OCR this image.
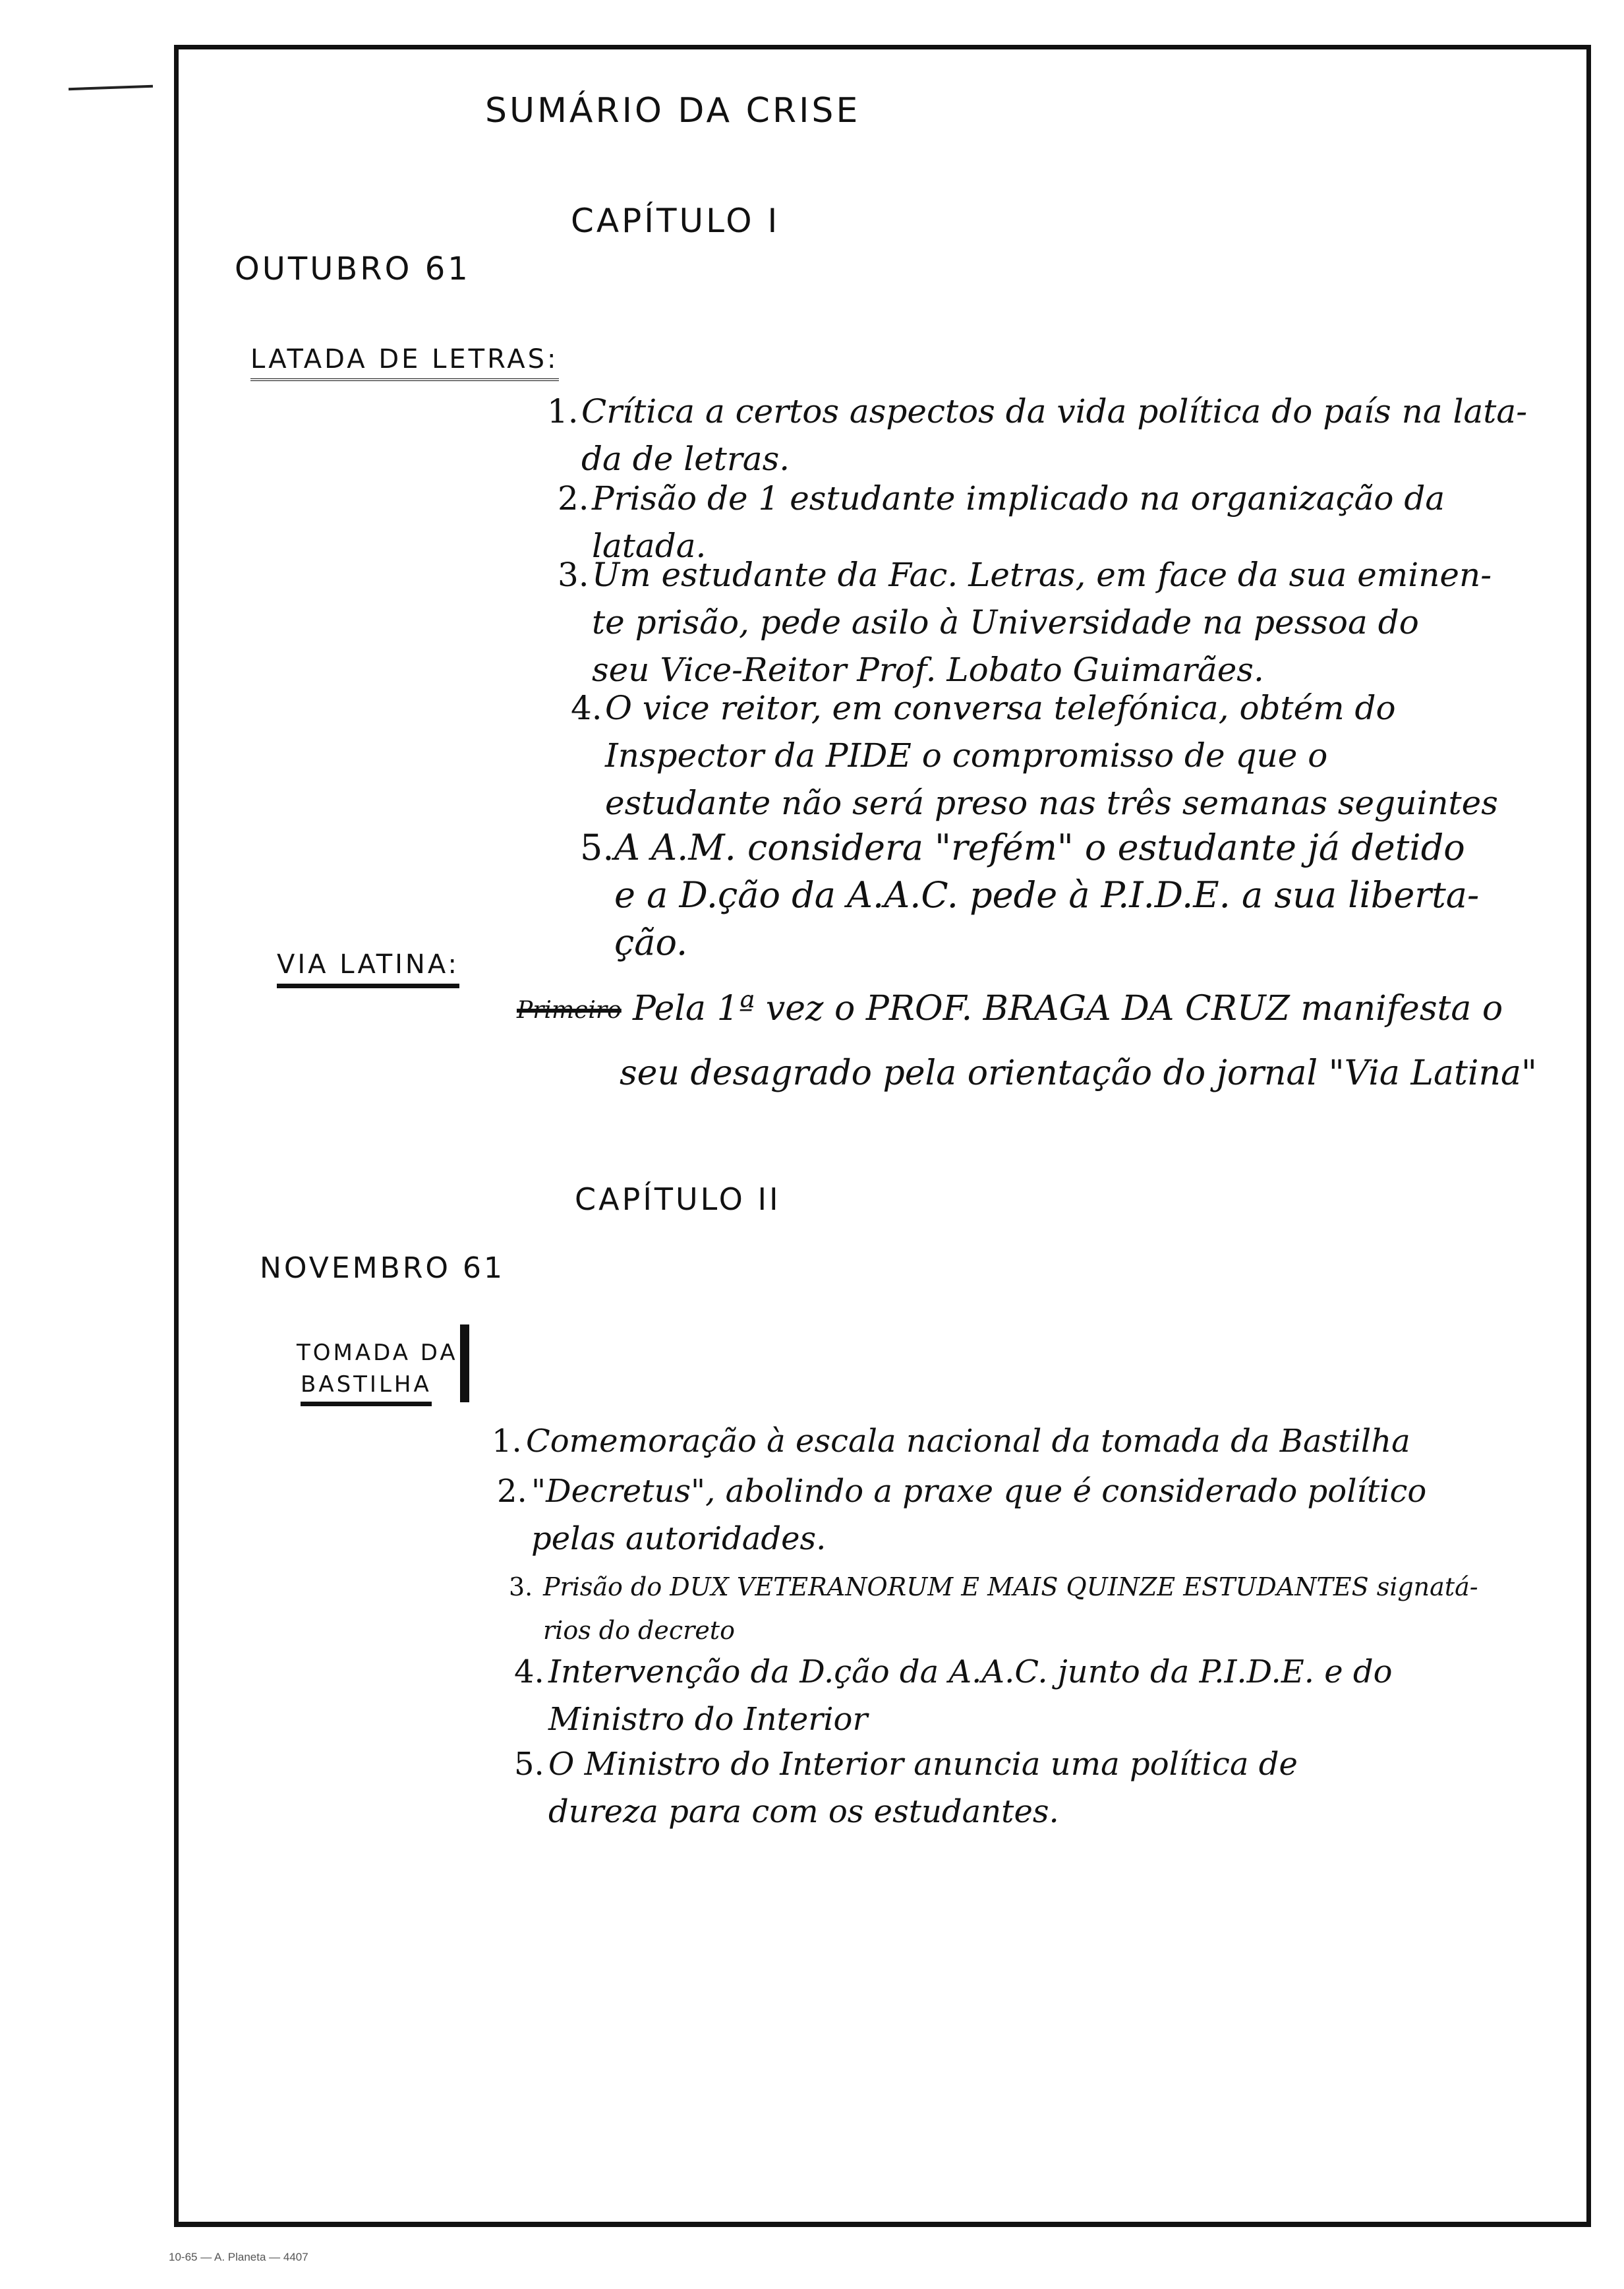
SUMÁRIO DA CRISE
CAPÍTULO I
OUTUBRO 61
LATADA DE LETRAS:
1.Crítica a certos aspectos da vida política do país na lata-
da de letras.
2.Prisão de 1 estudante implicado na organização da
latada.
3.Um estudante da Fac. Letras, em face da sua eminen-
te prisão, pede asilo à Universidade na pessoa do
seu Vice-Reitor Prof. Lobato Guimarães.
4.O vice reitor, em conversa telefónica, obtém do
Inspector da PIDE o compromisso de que o
estudante não será preso nas três semanas seguintes
5.A A.M. considera "refém" o estudante já detido
e a D.ção da A.A.C. pede à P.I.D.E. a sua liberta-
ção.
VIA LATINA:
Primeiro Pela 1ª vez o PROF. BRAGA DA CRUZ manifesta o
seu desagrado pela orientação do jornal "Via Latina"
CAPÍTULO II
NOVEMBRO 61
TOMADA DA
BASTILHA
1. Comemoração à escala nacional da tomada da Bastilha
2. "Decretus", abolindo a praxe que é considerado político
pelas autoridades.
3. Prisão do DUX VETERANORUM E MAIS QUINZE ESTUDANTES signatá-
rios do decreto
4. Intervenção da D.ção da A.A.C. junto da P.I.D.E. e do
Ministro do Interior
5. O Ministro do Interior anuncia uma política de
dureza para com os estudantes.
10-65 — A. Planeta — 4407
